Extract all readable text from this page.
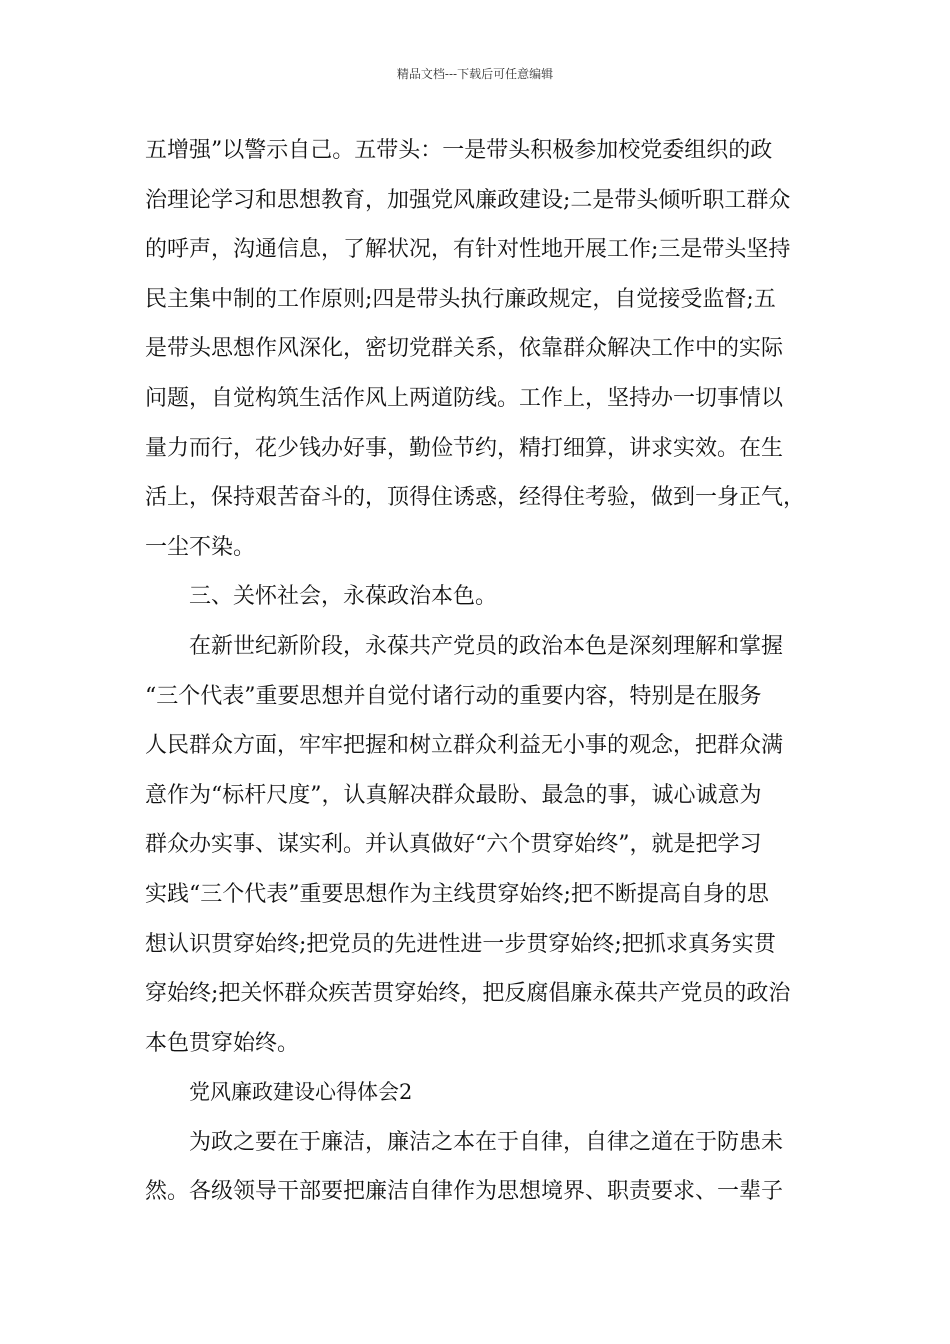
精品文档---下载后可任意编辑
五增强”以警示自己。五带头：一是带头积极参加校党委组织的政
治理论学习和思想教育，加强党风廉政建设;二是带头倾听职工群众
的呼声，沟通信息，了解状况，有针对性地开展工作;三是带头坚持
民主集中制的工作原则;四是带头执行廉政规定，自觉接受监督;五
是带头思想作风深化，密切党群关系，依靠群众解决工作中的实际
问题，自觉构筑生活作风上两道防线。工作上，坚持办一切事情以
量力而行，花少钱办好事，勤俭节约，精打细算，讲求实效。在生
活上，保持艰苦奋斗的，顶得住诱惑，经得住考验，做到一身正气，
一尘不染。
三、关怀社会，永葆政治本色。
在新世纪新阶段，永葆共产党员的政治本色是深刻理解和掌握
“三个代表”重要思想并自觉付诸行动的重要内容，特别是在服务
人民群众方面，牢牢把握和树立群众利益无小事的观念，把群众满
意作为“标杆尺度”，认真解决群众最盼、最急的事，诚心诚意为
群众办实事、谋实利。并认真做好“六个贯穿始终”，就是把学习
实践“三个代表”重要思想作为主线贯穿始终;把不断提高自身的思
想认识贯穿始终;把党员的先进性进一步贯穿始终;把抓求真务实贯
穿始终;把关怀群众疾苦贯穿始终，把反腐倡廉永葆共产党员的政治
本色贯穿始终。
党风廉政建设心得体会2
为政之要在于廉洁，廉洁之本在于自律，自律之道在于防患未
然。各级领导干部要把廉洁自律作为思想境界、职责要求、一辈子
